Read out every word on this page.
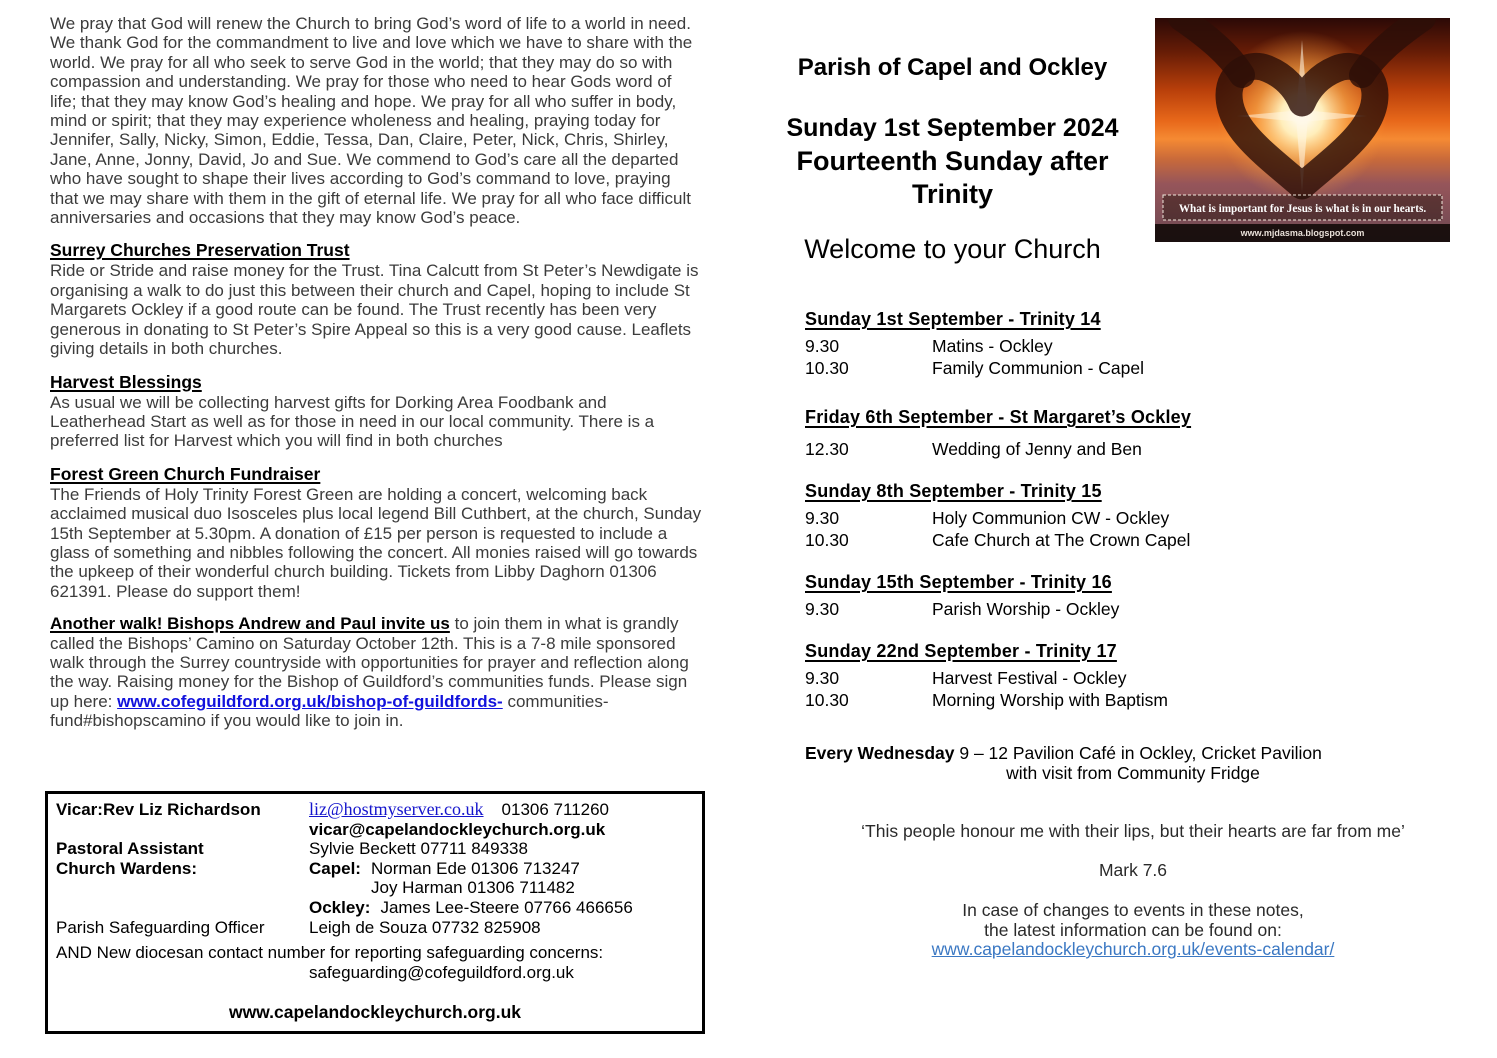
We pray that God will renew the Church to bring God’s word of life to a world in need. We thank God for the commandment to live and love which we have to share with the world. We pray for all who seek to serve God in the world; that they may do so with compassion and understanding. We pray for those who need to hear Gods word of life; that they may know God’s healing and hope. We pray for all who suffer in body, mind or spirit; that they may experience wholeness and healing, praying today for Jennifer, Sally, Nicky, Simon, Eddie, Tessa, Dan, Claire, Peter, Nick, Chris, Shirley, Jane, Anne, Jonny, David, Jo and Sue. We commend to God’s care all the departed who have sought to shape their lives according to God’s command to love, praying that we may share with them in the gift of eternal life. We pray for all who face difficult anniversaries and occasions that they may know God’s peace.

Surrey Churches Preservation Trust

Ride or Stride and raise money for the Trust. Tina Calcutt from St Peter’s Newdigate is organising a walk to do just this between their church and Capel, hoping to include St Margarets Ockley if a good route can be found. The Trust recently has been very generous in donating to St Peter’s Spire Appeal so this is a very good cause. Leaflets giving details in both churches.

Harvest Blessings

As usual we will be collecting harvest gifts for Dorking Area Foodbank and Leatherhead Start as well as for those in need in our local community. There is a preferred list for Harvest which you will find in both churches

Forest Green Church Fundraiser

The Friends of Holy Trinity Forest Green are holding a concert, welcoming back acclaimed musical duo Isosceles plus local legend Bill Cuthbert, at the church, Sunday 15th September at 5.30pm. A donation of £15 per person is requested to include a glass of something and nibbles following the concert. All monies raised will go towards the upkeep of their wonderful church building. Tickets from Libby Daghorn 01306 621391. Please do support them!

Another walk! Bishops Andrew and Paul invite us to join them in what is grandly called the Bishops’ Camino on Saturday October 12th. This is a 7-8 mile sponsored walk through the Surrey countryside with opportunities for prayer and reflection along the way. Raising money for the Bishop of Guildford’s communities funds. Please sign up here: www.cofeguildford.org.uk/bishop-of-guildfords- communities-fund#bishopscamino if you would like to join in.

Vicar:Rev Liz Richardson	liz@hostmyserver.co.uk 01306 711260
vicar@capelandockleychurch.org.uk
Pastoral Assistant	Sylvie Beckett 07711 849338
Church Wardens:	Capel: Norman Ede 01306 713247
Joy Harman 01306 711482
Ockley: James Lee-Steere 07766 466656
Parish Safeguarding Officer	Leigh de Souza 07732 825908
AND New diocesan contact number for reporting safeguarding concerns:
safeguarding@cofeguildford.org.uk
www.capelandockleychurch.org.uk
Parish of Capel and Ockley
Sunday 1st September 2024
Fourteenth Sunday after Trinity
Welcome to your Church
What is important for Jesus is what is in our hearts.
www.mjdasma.blogspot.com
Sunday 1st September - Trinity 14
9.30	Matins - Ockley
10.30	Family Communion - Capel
Friday 6th September - St Margaret’s Ockley
12.30	Wedding of Jenny and Ben
Sunday 8th September - Trinity 15
9.30	Holy Communion CW - Ockley
10.30	Cafe Church at The Crown Capel
Sunday 15th September - Trinity 16
9.30	Parish Worship - Ockley
Sunday 22nd September - Trinity 17
9.30	Harvest Festival - Ockley
10.30	Morning Worship with Baptism
Every Wednesday 9 – 12 Pavilion Café in Ockley, Cricket Pavilion
with visit from Community Fridge
‘This people honour me with their lips, but their hearts are far from me’
Mark 7.6
In case of changes to events in these notes,
the latest information can be found on:
www.capelandockleychurch.org.uk/events-calendar/
